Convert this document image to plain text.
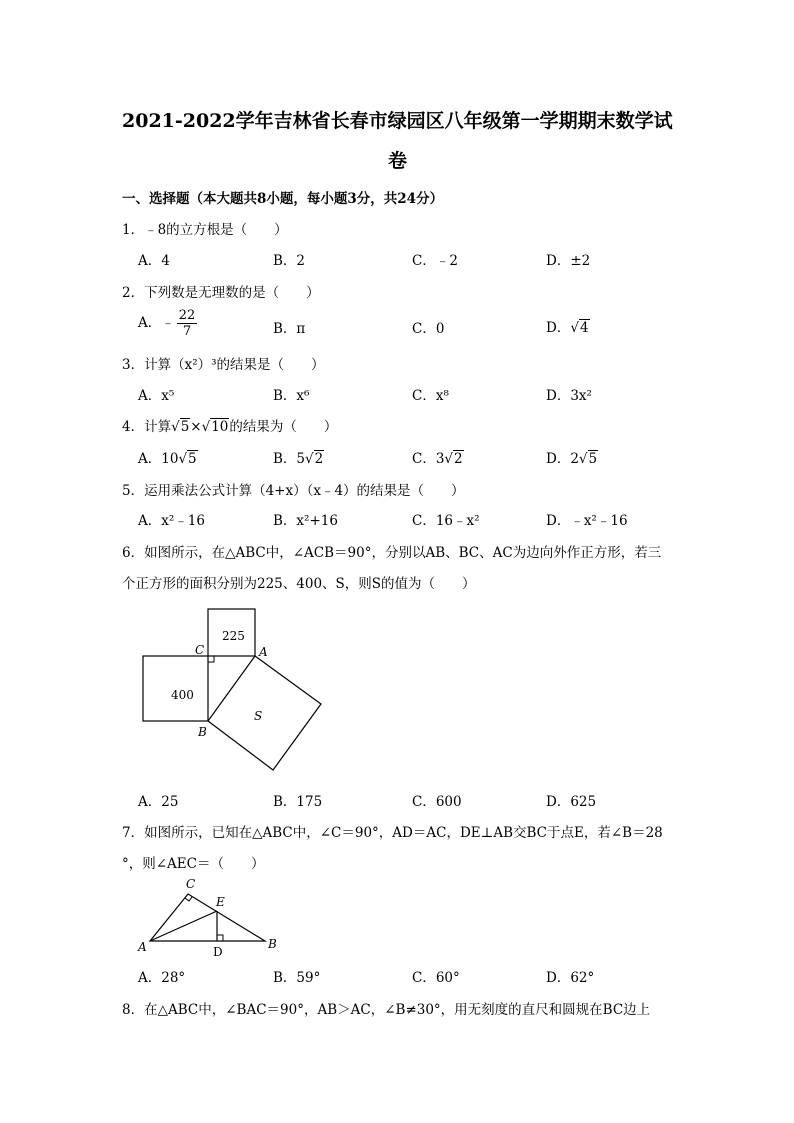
2021-2022学年吉林省长春市绿园区八年级第一学期期末数学试
卷
一、选择题（本大题共8小题，每小题3分，共24分）
1．﹣8的立方根是（　　）
A．4	B．2	C．﹣2	D．±2
2．下列数是无理数的是（　　）
A．﹣ $\frac{22}{7}$	B．π	C．0	D．√4
3．计算（x²）³的结果是（　　）
A．x⁵	B．x⁶	C．x⁸	D．3x²
4．计算√5×√10的结果为（　　）
A．10√5	B．5√2	C．3√2	D．2√5
5．运用乘法公式计算（4+x）（x﹣4）的结果是（　　）
A．x²﹣16	B．x²+16	C．16﹣x²	D．﹣x²﹣16
6．如图所示，在△ABC中，∠ACB＝90°，分别以AB、BC、AC为边向外作正方形，若三
个正方形的面积分别为225、400、S，则S的值为（　　）
225
400
S
C	A
B
A．25	B．175	C．600	D．625
7．如图所示，已知在△ABC中，∠C＝90°，AD＝AC，DE⊥AB交BC于点E，若∠B＝28
°，则∠AEC＝（　　）
C
E
A	D
B
A．28°	B．59°	C．60°	D．62°
8．在△ABC中，∠BAC＝90°，AB＞AC，∠B≠30°，用无刻度的直尺和圆规在BC边上
